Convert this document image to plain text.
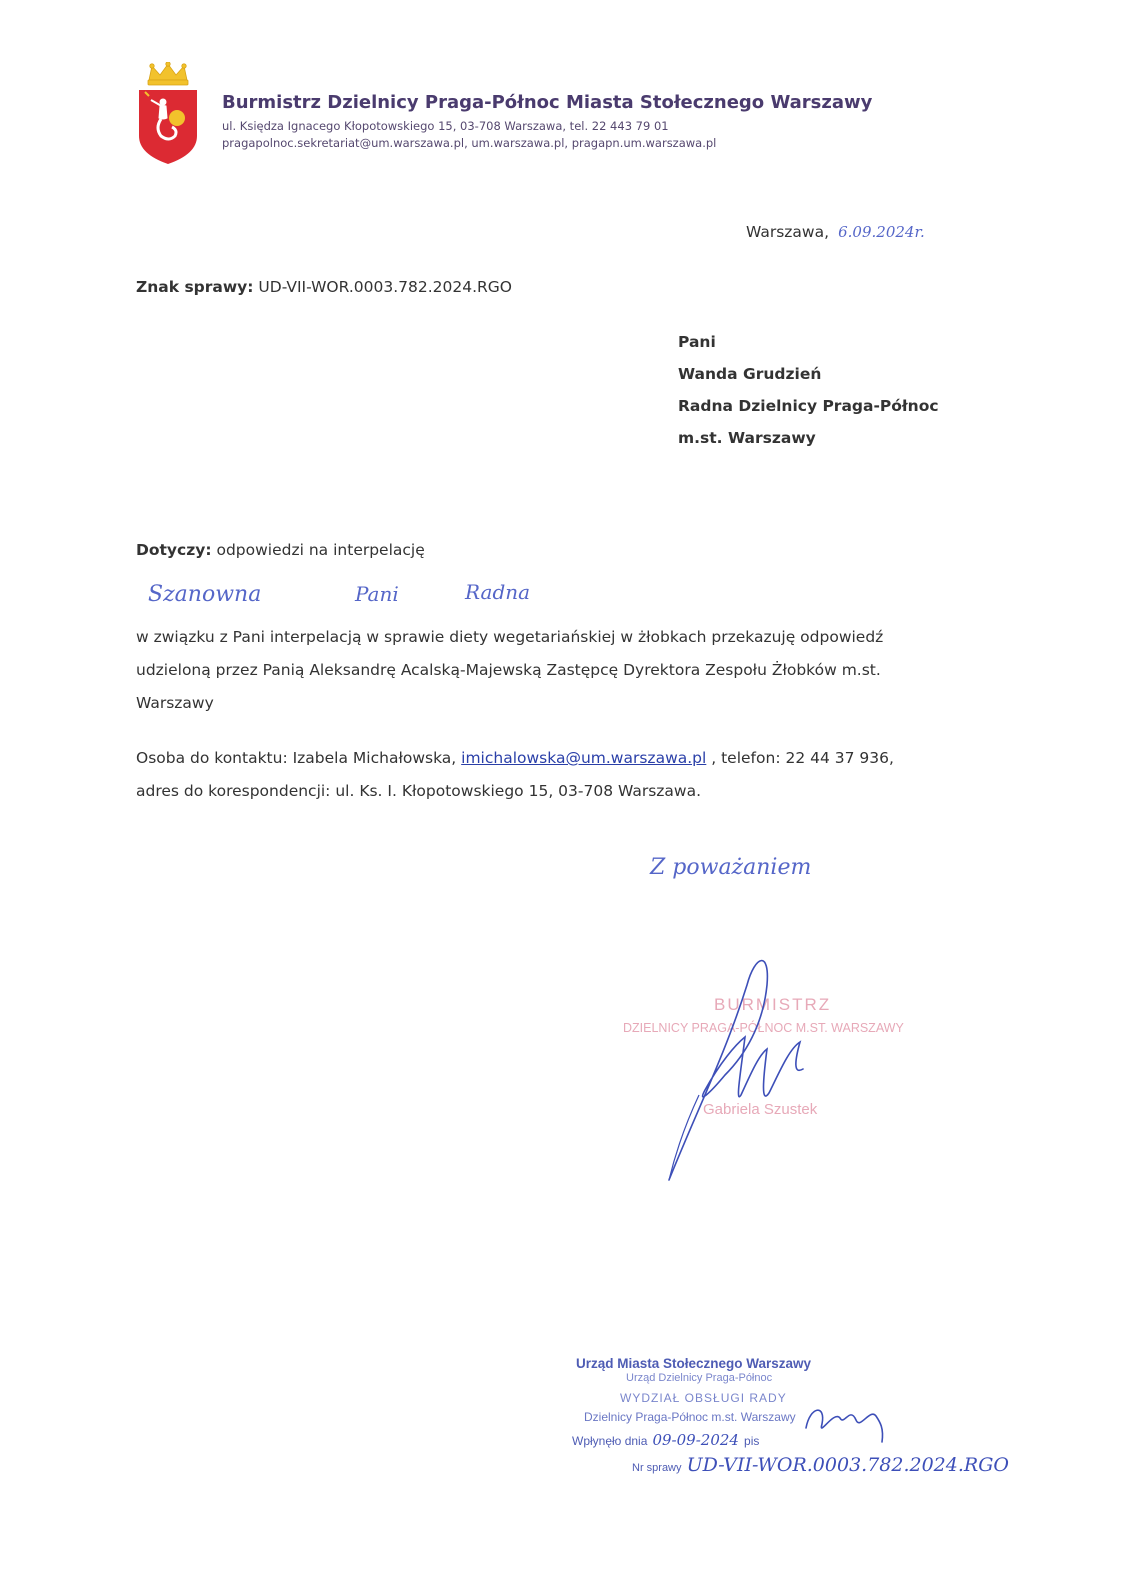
Burmistrz Dzielnicy Praga-Północ Miasta Stołecznego Warszawy
ul. Księdza Ignacego Kłopotowskiego 15, 03-708 Warszawa, tel. 22 443 79 01
pragapolnoc.sekretariat@um.warszawa.pl, um.warszawa.pl, pragapn.um.warszawa.pl
Warszawa, 6.09.2024r.
Znak sprawy: UD-VII-WOR.0003.782.2024.RGO
Pani
Wanda Grudzień
Radna Dzielnicy Praga-Północ
m.st. Warszawy
Dotyczy: odpowiedzi na interpelację
Szanowna	Pani	Radna
w związku z Pani interpelacją w sprawie diety wegetariańskiej w żłobkach przekazuję odpowiedź
udzieloną przez Panią Aleksandrę Acalską-Majewską Zastępcę Dyrektora Zespołu Żłobków m.st.
Warszawy
Osoba do kontaktu: Izabela Michałowska, imichalowska@um.warszawa.pl , telefon: 22 44 37 936,
adres do korespondencji: ul. Ks. I. Kłopotowskiego 15, 03-708 Warszawa.
Z poważaniem
BURMISTRZ
DZIELNICY PRAGA-PÓŁNOC M.ST. WARSZAWY
Gabriela Szustek
Urząd Miasta Stołecznego Warszawy
Urząd Dzielnicy Praga-Północ
WYDZIAŁ OBSŁUGI RADY
Dzielnicy Praga-Północ m.st. Warszawy
Wpłynęło dnia 09-09-2024 pis
Nr sprawy UD-VII-WOR.0003.782.2024.RGO
